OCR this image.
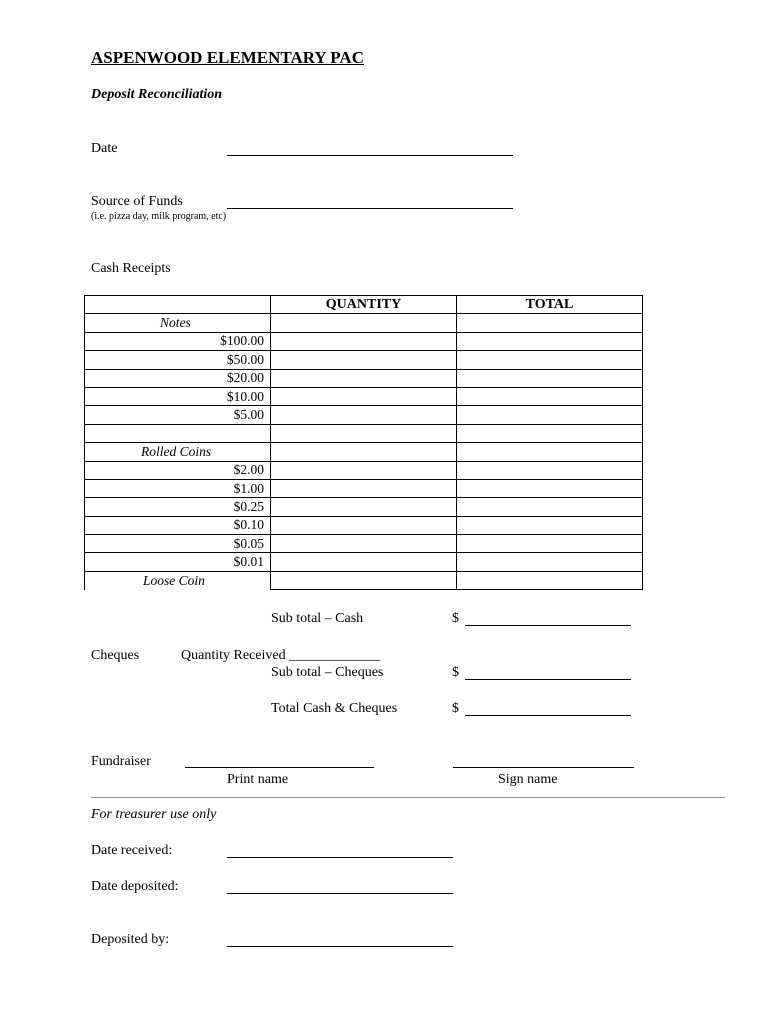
ASPENWOOD ELEMENTARY PAC
Deposit Reconciliation
Date
Source of Funds
(i.e. pizza day, milk program, etc)
Cash Receipts
	QUANTITY	TOTAL
Notes		
$100.00		
$50.00		
$20.00		
$10.00		
$5.00		

Rolled Coins		
$2.00		
$1.00		
$0.25		
$0.10		
$0.05		
$0.01		
Loose Coin		
Sub total – Cash	$
Cheques	Quantity Received _____________
Sub total – Cheques	$
Total Cash & Cheques	$
Fundraiser
Print name	Sign name
For treasurer use only
Date received:
Date deposited:
Deposited by:
